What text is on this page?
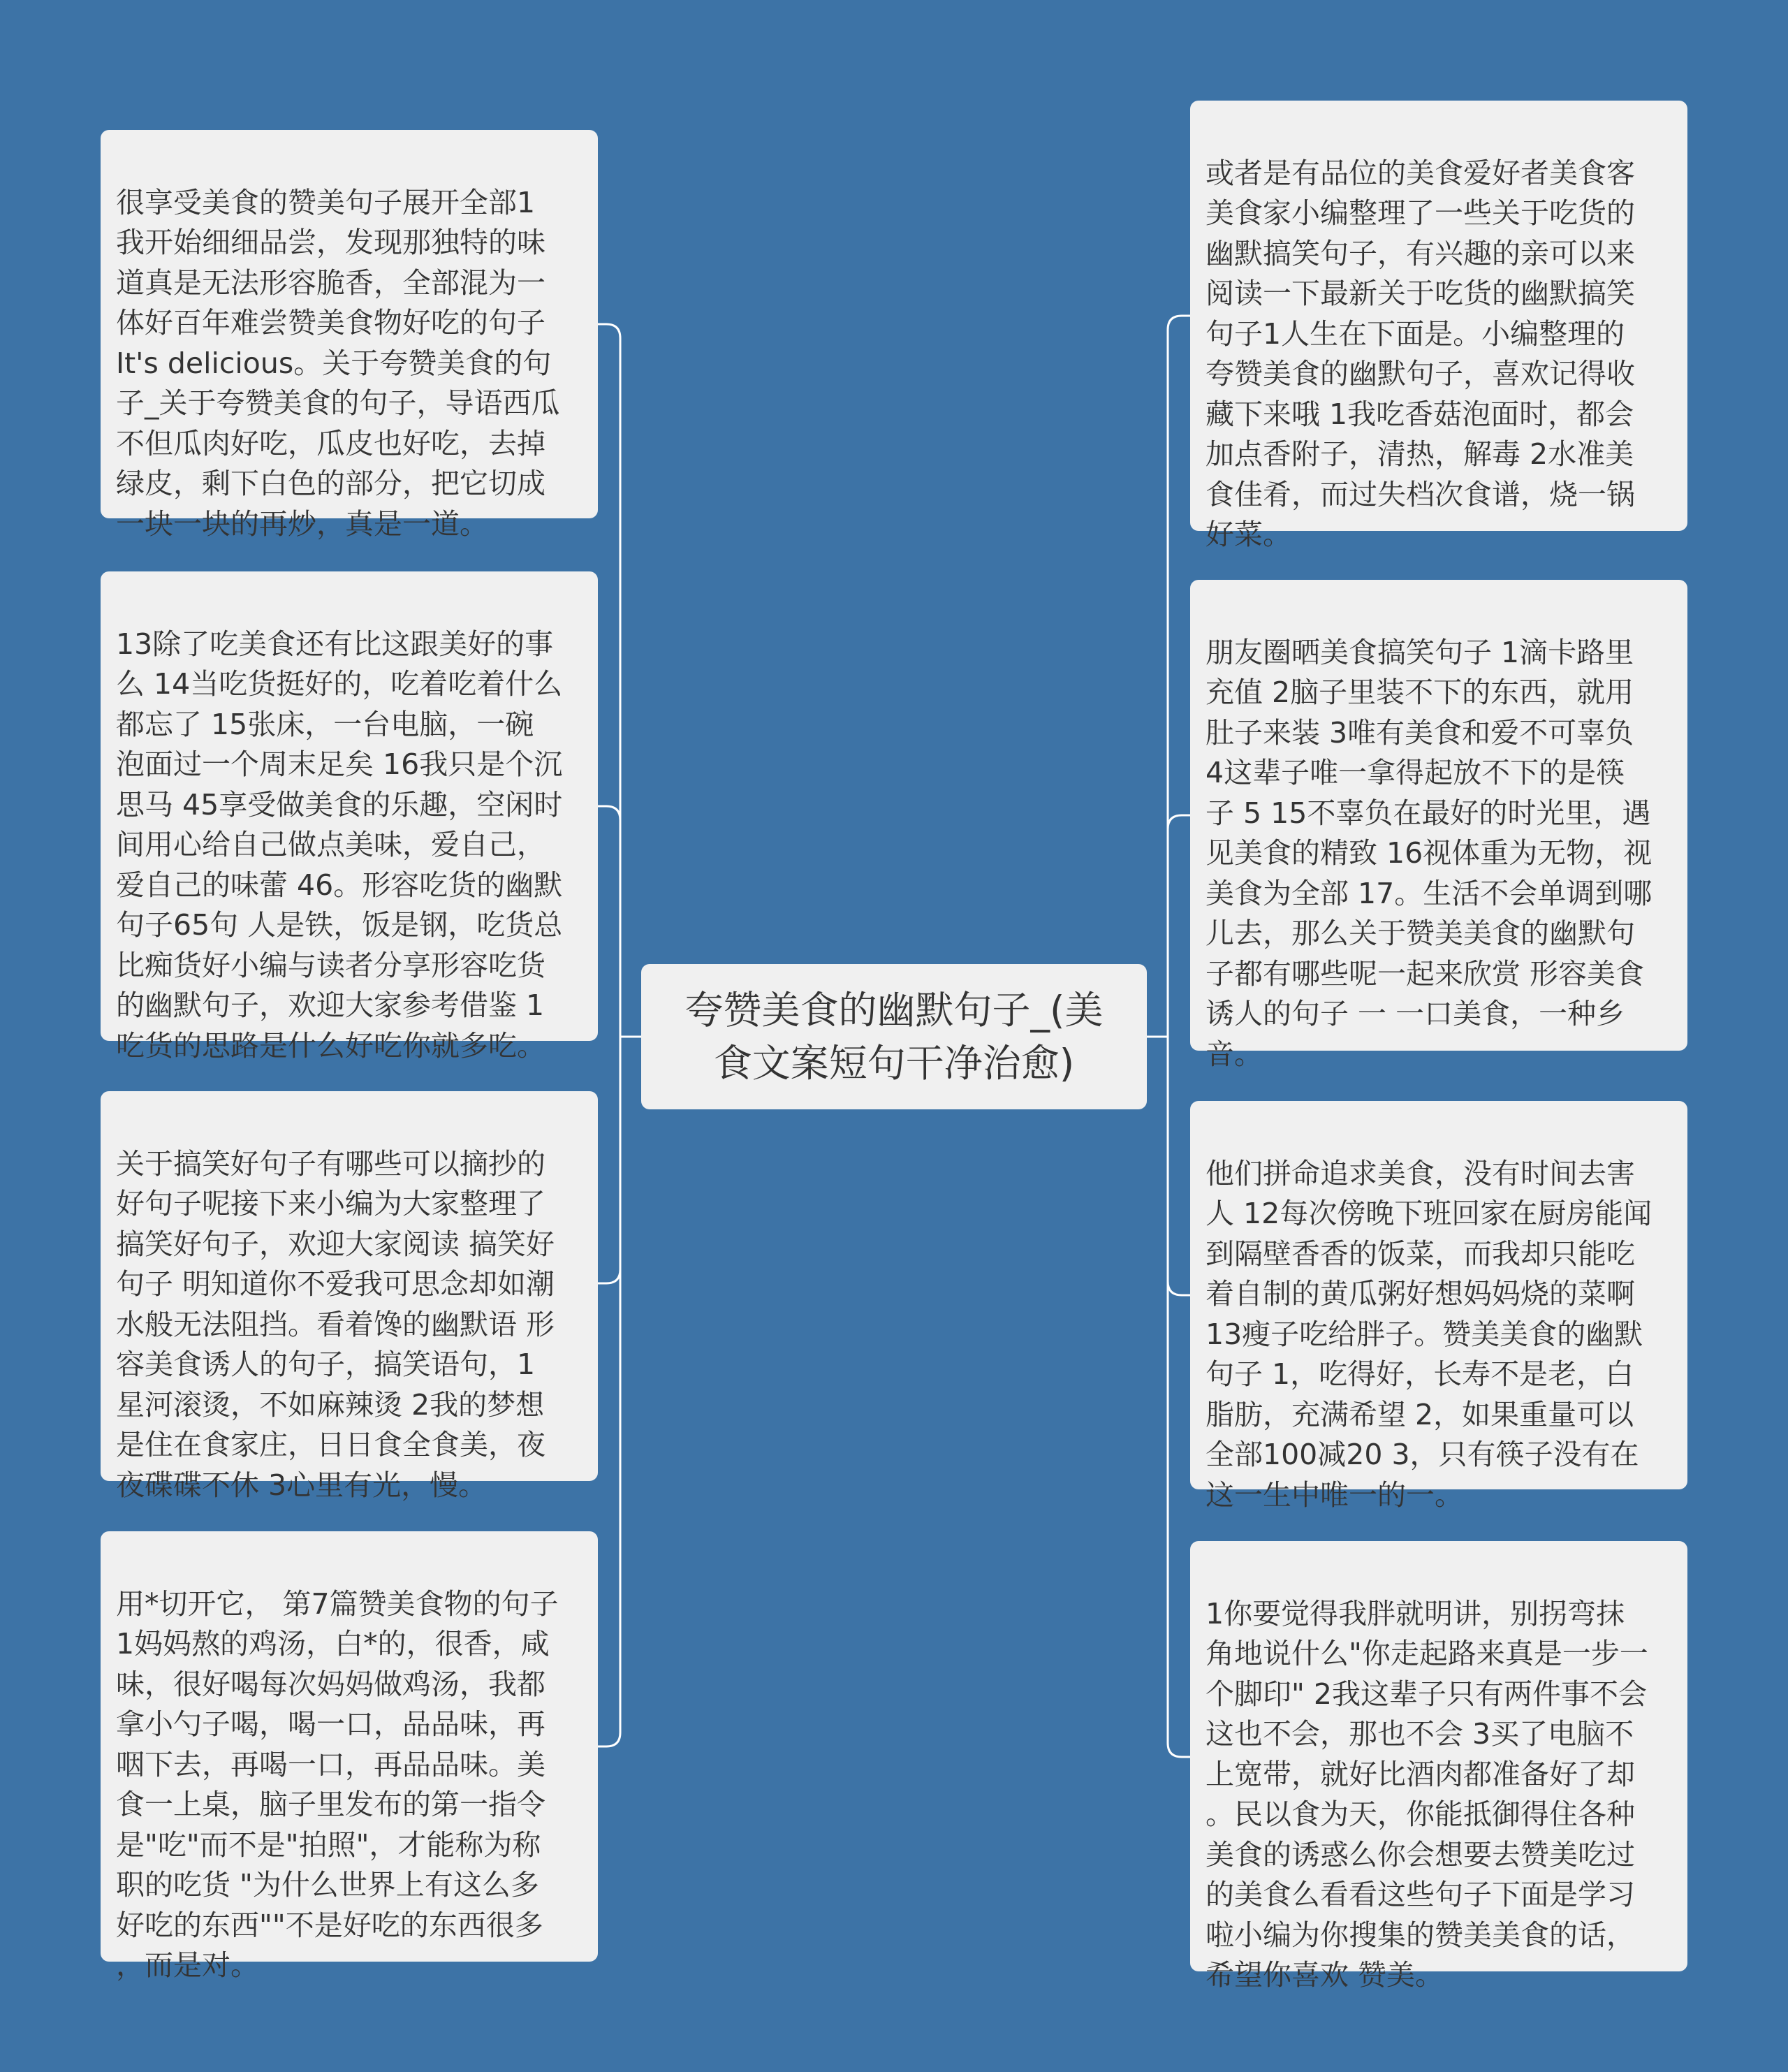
夸赞美食的幽默句子_(美
食文案短句干净治愈)

很享受美食的赞美句子展开全部1
我开始细细品尝，发现那独特的味
道真是无法形容脆香，全部混为一
体好百年难尝赞美食物好吃的句子
It's delicious。关于夸赞美食的句
子_关于夸赞美食的句子，导语西瓜
不但瓜肉好吃，瓜皮也好吃，去掉
绿皮，剩下白色的部分，把它切成
一块一块的再炒，真是一道。

13除了吃美食还有比这跟美好的事
么 14当吃货挺好的，吃着吃着什么
都忘了 15张床，一台电脑，一碗
泡面过一个周末足矣 16我只是个沉
思马 45享受做美食的乐趣，空闲时
间用心给自己做点美味，爱自己，
爱自己的味蕾 46。形容吃货的幽默
句子65句 人是铁，饭是钢，吃货总
比痴货好小编与读者分享形容吃货
的幽默句子，欢迎大家参考借鉴 1
吃货的思路是什么好吃你就多吃。

关于搞笑好句子有哪些可以摘抄的
好句子呢接下来小编为大家整理了
搞笑好句子，欢迎大家阅读 搞笑好
句子 明知道你不爱我可思念却如潮
水般无法阻挡。看着馋的幽默语 形
容美食诱人的句子，搞笑语句，1
星河滚烫，不如麻辣烫 2我的梦想
是住在食家庄，日日食全食美，夜
夜碟碟不休 3心里有光，慢。

用*切开它， 第7篇赞美食物的句子
1妈妈熬的鸡汤，白*的，很香，咸
味，很好喝每次妈妈做鸡汤，我都
拿小勺子喝，喝一口，品品味，再
咽下去，再喝一口，再品品味。美
食一上桌，脑子里发布的第一指令
是"吃"而不是"拍照"，才能称为称
职的吃货 "为什么世界上有这么多
好吃的东西""不是好吃的东西很多
，而是对。

或者是有品位的美食爱好者美食客
美食家小编整理了一些关于吃货的
幽默搞笑句子，有兴趣的亲可以来
阅读一下最新关于吃货的幽默搞笑
句子1人生在下面是。小编整理的
夸赞美食的幽默句子，喜欢记得收
藏下来哦 1我吃香菇泡面时，都会
加点香附子，清热，解毒 2水准美
食佳肴，而过失档次食谱，烧一锅
好菜。

朋友圈晒美食搞笑句子 1滴卡路里
充值 2脑子里装不下的东西，就用
肚子来装 3唯有美食和爱不可辜负
4这辈子唯一拿得起放不下的是筷
子 5 15不辜负在最好的时光里，遇
见美食的精致 16视体重为无物，视
美食为全部 17。生活不会单调到哪
儿去，那么关于赞美美食的幽默句
子都有哪些呢一起来欣赏 形容美食
诱人的句子 一 一口美食，一种乡
音。

他们拼命追求美食，没有时间去害
人 12每次傍晚下班回家在厨房能闻
到隔壁香香的饭菜，而我却只能吃
着自制的黄瓜粥好想妈妈烧的菜啊
13瘦子吃给胖子。赞美美食的幽默
句子 1，吃得好，长寿不是老，白
脂肪，充满希望 2，如果重量可以
全部100减20 3，只有筷子没有在
这一生中唯一的一。

1你要觉得我胖就明讲，别拐弯抹
角地说什么"你走起路来真是一步一
个脚印" 2我这辈子只有两件事不会
这也不会，那也不会 3买了电脑不
上宽带，就好比酒肉都准备好了却
。民以食为天，你能抵御得住各种
美食的诱惑么你会想要去赞美吃过
的美食么看看这些句子下面是学习
啦小编为你搜集的赞美美食的话，
希望你喜欢 赞美。
